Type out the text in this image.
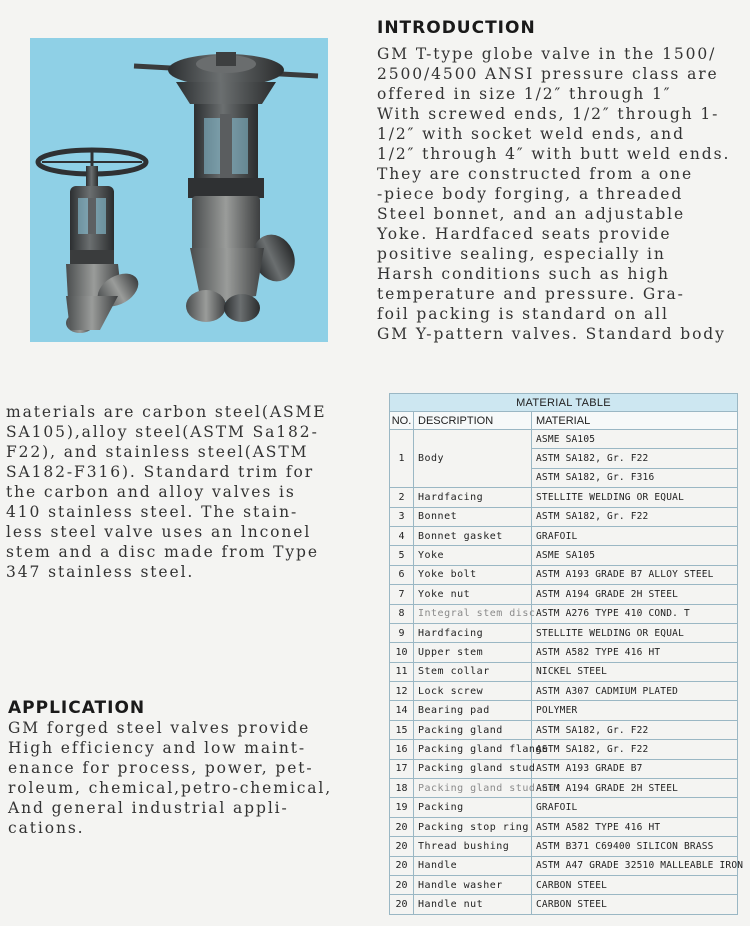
INTRODUCTION
GM T-type globe valve in the 1500/
2500/4500 ANSI pressure class are
offered in size 1/2″ through 1″
With screwed ends, 1/2″ through 1-
1/2″ with socket weld ends, and
1/2″ through 4″ with butt weld ends.
They are constructed from a one
-piece body forging, a threaded
Steel bonnet, and an adjustable
Yoke. Hardfaced seats provide
positive sealing, especially in
Harsh conditions such as high
temperature and pressure. Gra-
foil packing is standard on all
GM Y-pattern valves. Standard body
materials are carbon steel(ASME
SA105),alloy steel(ASTM Sa182-
F22), and stainless steel(ASTM
SA182-F316). Standard trim for
the carbon and alloy valves is
410 stainless steel. The stain-
less steel valve uses an lnconel
stem and a disc made from Type
347 stainless steel.
APPLICATION
GM forged steel valves provide
High efficiency and low maint-
enance for process, power, pet-
roleum, chemical,petro-chemical,
And general industrial appli-
cations.
MATERIAL TABLE		
NO.	DESCRIPTION	MATERIAL
1	Body	ASME SA105
		ASTM SA182, Gr. F22
		ASTM SA182, Gr. F316
2	Hardfacing	STELLITE WELDING OR EQUAL
3	Bonnet	ASTM SA182, Gr. F22
4	Bonnet gasket	GRAFOIL
5	Yoke	ASME SA105
6	Yoke bolt	ASTM A193 GRADE B7 ALLOY STEEL
7	Yoke nut	ASTM A194 GRADE 2H STEEL
8	Integral stem disc	ASTM A276 TYPE 410 COND. T
9	Hardfacing	STELLITE WELDING OR EQUAL
10	Upper stem	ASTM A582 TYPE 416 HT
11	Stem collar	NICKEL STEEL
12	Lock screw	ASTM A307 CADMIUM PLATED
14	Bearing pad	POLYMER
15	Packing gland	ASTM SA182, Gr. F22
16	Packing gland flange	ASTM SA182, Gr. F22
17	Packing gland stud	ASTM A193 GRADE B7
18	Packing gland stud nut	ASTM A194 GRADE 2H STEEL
19	Packing	GRAFOIL
20	Packing stop ring	ASTM A582 TYPE 416 HT
20	Thread bushing	ASTM B371 C69400 SILICON BRASS
20	Handle	ASTM A47 GRADE 32510 MALLEABLE IRON
20	Handle washer	CARBON STEEL
20	Handle nut	CARBON STEEL
